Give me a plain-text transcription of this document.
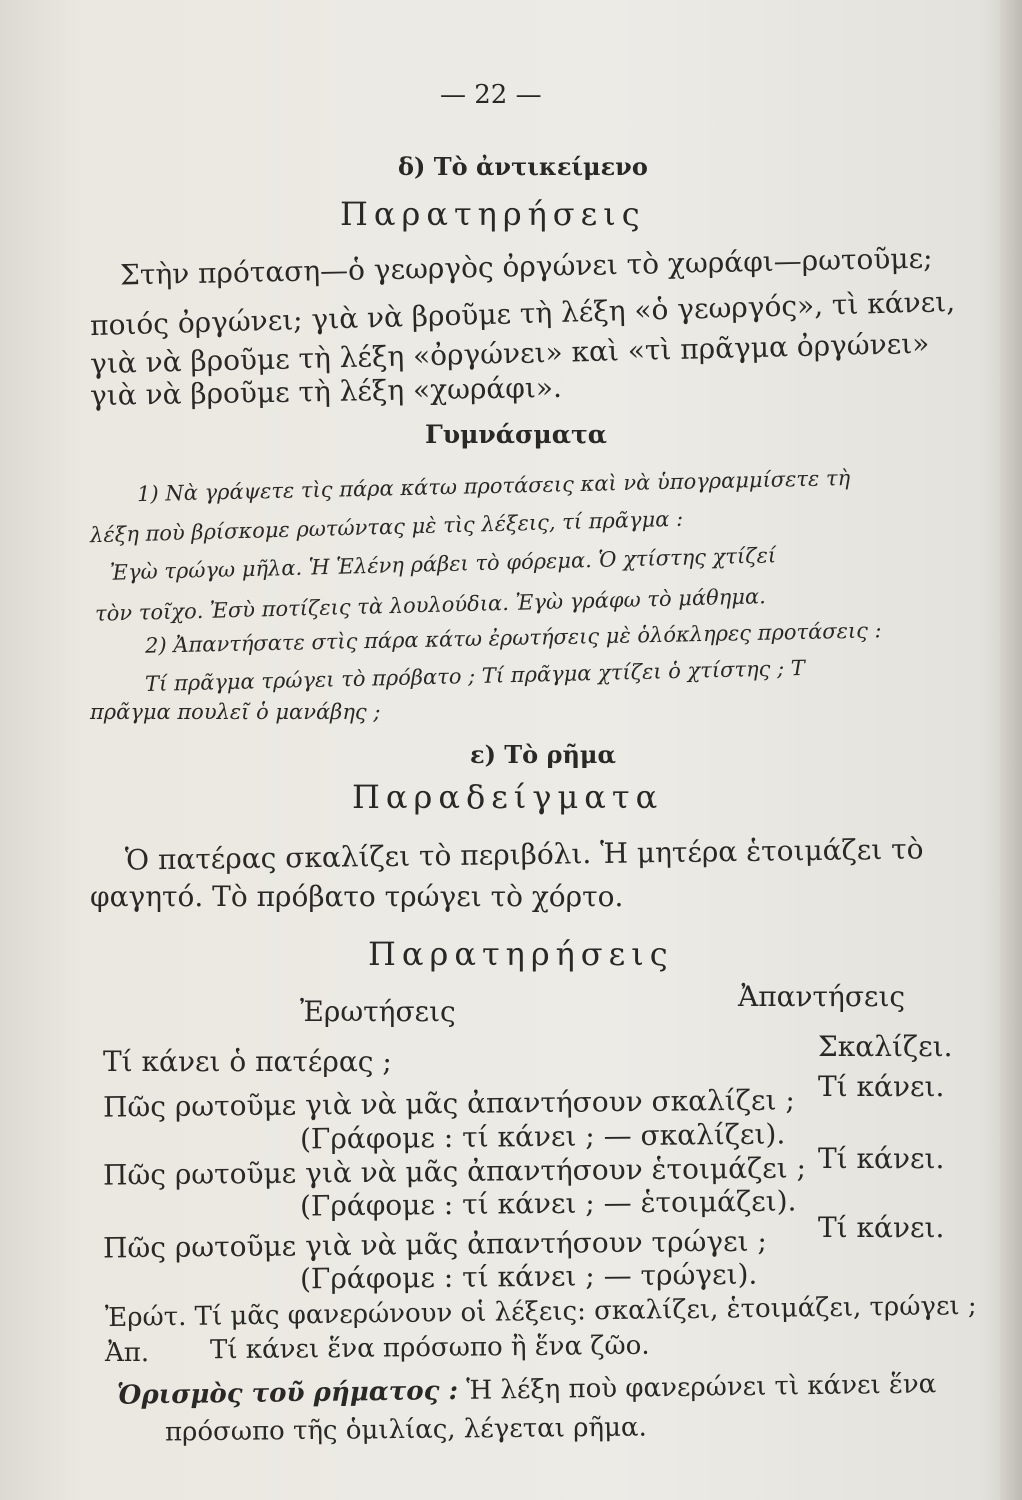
— 22 —
δ) Τὸ ἀντικείμενο
Παρατηρήσεις
Στὴν πρόταση—ὁ γεωργὸς ὀργώνει τὸ χωράφι—ρωτοῦμε;
ποιός ὀργώνει; γιὰ νὰ βροῦμε τὴ λέξη «ὁ γεωργός», τὶ κάνει,
γιὰ νὰ βροῦμε τὴ λέξη «ὀργώνει» καὶ «τὶ πρᾶγμα ὀργώνει»
γιὰ νὰ βροῦμε τὴ λέξη «χωράφι».
Γυμνάσματα
1) Νὰ γράψετε τὶς πάρα κάτω προτάσεις καὶ νὰ ὑπογραμμίσετε τὴ
λέξη ποὺ βρίσκομε ρωτώντας μὲ τὶς λέξεις, τί πρᾶγμα :
Ἐγὼ τρώγω μῆλα. Ἡ Ἑλένη ράβει τὸ φόρεμα. Ὁ χτίστης χτίζεί
τὸν τοῖχο. Ἐσὺ ποτίζεις τὰ λουλούδια. Ἐγὼ γράφω τὸ μάθημα.
2) Ἀπαντήσατε στὶς πάρα κάτω ἐρωτήσεις μὲ ὁλόκληρες προτάσεις :
Τί πρᾶγμα τρώγει τὸ πρόβατο ; Τί πρᾶγμα χτίζει ὁ χτίστης ; Τ
πρᾶγμα πουλεῖ ὁ μανάβης ;
ε) Τὸ ρῆμα
Παραδείγματα
Ὁ πατέρας σκαλίζει τὸ περιβόλι. Ἡ μητέρα ἑτοιμάζει τὸ
φαγητό. Τὸ πρόβατο τρώγει τὸ χόρτο.
Παρατηρήσεις
Ἐρωτήσεις	Ἀπαντήσεις
Τί κάνει ὁ πατέρας ;
Πῶς ρωτοῦμε γιὰ νὰ μᾶς ἀπαντήσουν σκαλίζει ;
(Γράφομε : τί κάνει ; — σκαλίζει).
Πῶς ρωτοῦμε γιὰ νὰ μᾶς ἀπαντήσουν ἑτοιμάζει ;
(Γράφομε : τί κάνει ; — ἑτοιμάζει).
Πῶς ρωτοῦμε γιὰ νὰ μᾶς ἀπαντήσουν τρώγει ;
(Γράφομε : τί κάνει ; — τρώγει).
Σκαλίζει.
Τί κάνει.
Τί κάνει.
Τί κάνει.
Ἐρώτ. Τί μᾶς φανερώνουν οἱ λέξεις: σκαλίζει, ἑτοιμάζει, τρώγει ;
Ἀπ. Τί κάνει ἕνα πρόσωπο ἢ ἕνα ζῶο.
Ὁρισμὸς τοῦ ρήματος : Ἡ λέξη ποὺ φανερώνει τὶ κάνει ἕνα
πρόσωπο τῆς ὁμιλίας, λέγεται ρῆμα.
